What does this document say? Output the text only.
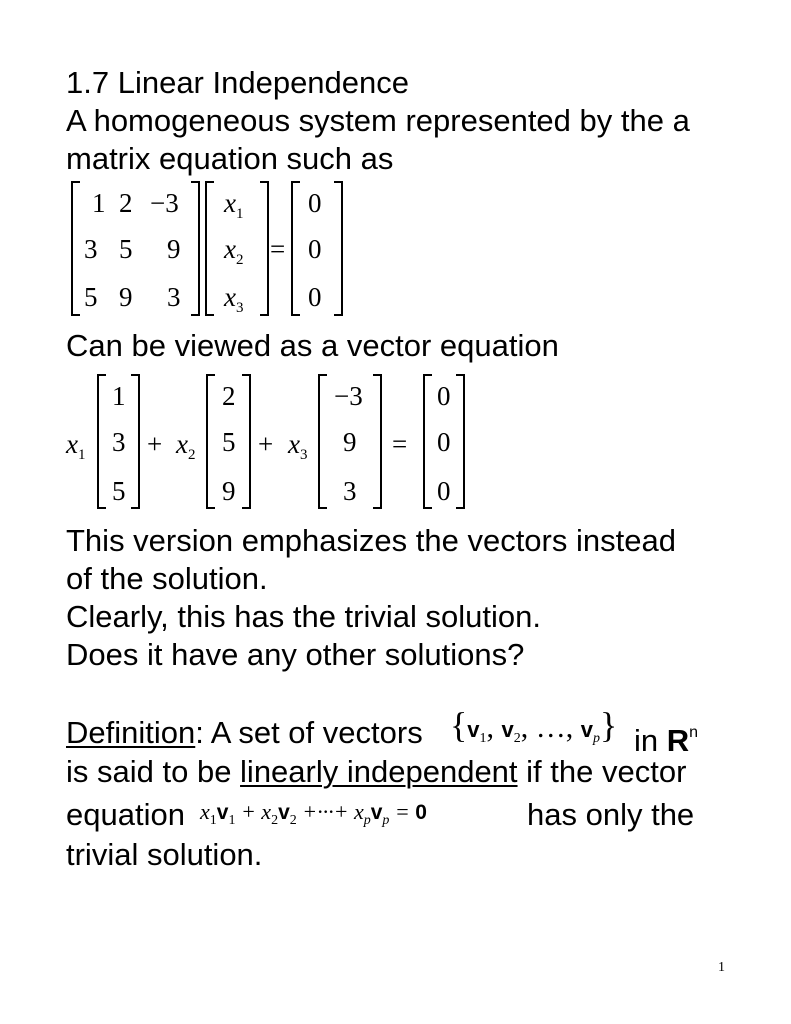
1.7 Linear Independence
A homogeneous system represented by the a
matrix equation such as
1 2 −3
3 5 9
5 9 3
$x_1$
$x_2$
$x_3$
=
0
0
0
Can be viewed as a vector equation
$x_1$
1
3
5
+ $x_2$
2
5
9
+ $x_3$
−3
9
3
=
0
0
0
This version emphasizes the vectors instead
of the solution.
Clearly, this has the trivial solution.
Does it have any other solutions?
Definition: A set of vectors {$v_1$, $v_2$, …, $v_p$} in $R^n$
is said to be linearly independent if the vector
equation $x_1v_1 + x_2v_2$ +···+ $x_pv_p = 0$	has only the
trivial solution.
1
